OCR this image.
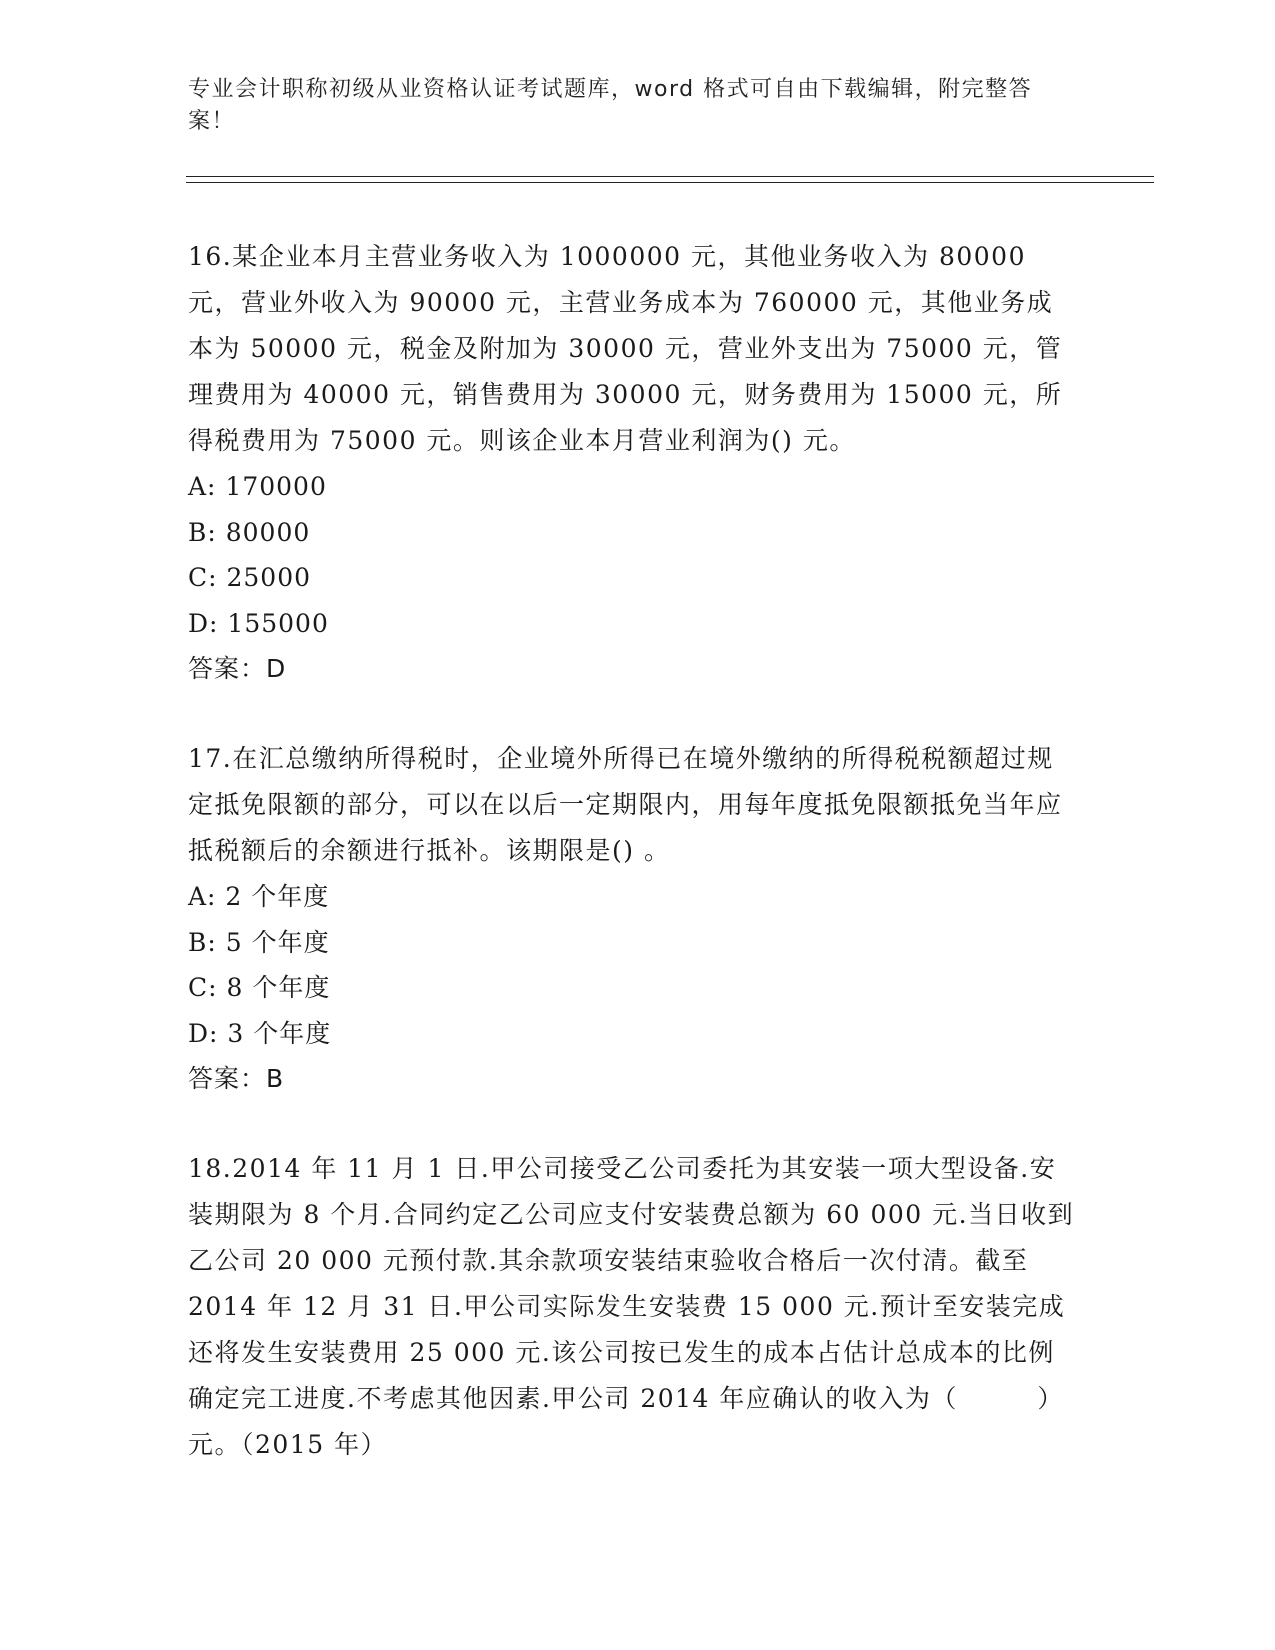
专业会计职称初级从业资格认证考试题库，word 格式可自由下载编辑，附完整答案！

16.某企业本月主营业务收入为 1000000 元，其他业务收入为 80000 元，营业外收入为 90000 元，主营业务成本为 760000 元，其他业务成本为 50000 元，税金及附加为 30000 元，营业外支出为 75000 元，管理费用为 40000 元，销售费用为 30000 元，财务费用为 15000 元，所得税费用为 75000 元。则该企业本月营业利润为() 元。

A: 170000

B: 80000

C: 25000

D: 155000

答案：D

17.在汇总缴纳所得税时，企业境外所得已在境外缴纳的所得税税额超过规定抵免限额的部分，可以在以后一定期限内，用每年度抵免限额抵免当年应抵税额后的余额进行抵补。该期限是() 。

A: 2 个年度

B: 5 个年度

C: 8 个年度

D: 3 个年度

答案：B

18.2014 年 11 月 1 日.甲公司接受乙公司委托为其安装一项大型设备.安装期限为 8 个月.合同约定乙公司应支付安装费总额为 60 000 元.当日收到乙公司 20 000 元预付款.其余款项安装结束验收合格后一次付清。截至 2014 年 12 月 31 日.甲公司实际发生安装费 15 000 元.预计至安装完成还将发生安装费用 25 000 元.该公司按已发生的成本占估计总成本的比例确定完工进度.不考虑其他因素.甲公司 2014 年应确认的收入为（　　　）元。（2015 年）
